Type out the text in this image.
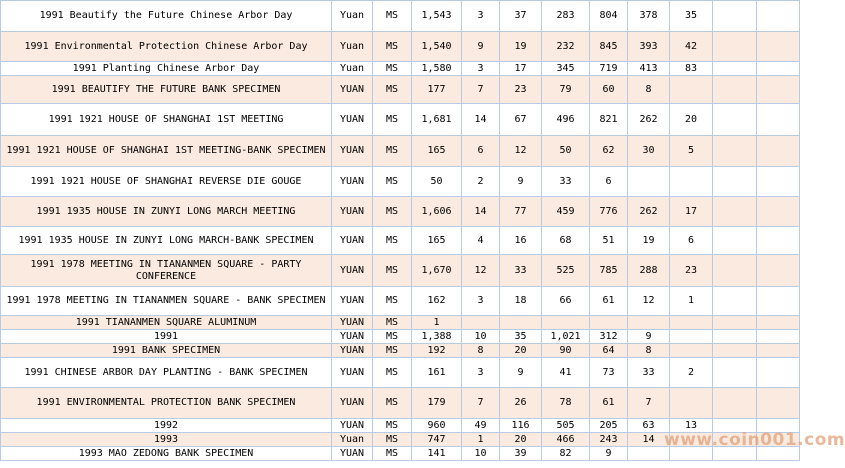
1991 Beautify the Future Chinese Arbor Day	Yuan	MS	1,543	3	37	283	804	378	35		
1991 Environmental Protection Chinese Arbor Day	Yuan	MS	1,540	9	19	232	845	393	42		
1991 Planting Chinese Arbor Day	Yuan	MS	1,580	3	17	345	719	413	83		
1991 BEAUTIFY THE FUTURE BANK SPECIMEN	YUAN	MS	177	7	23	79	60	8			
1991 1921 HOUSE OF SHANGHAI 1ST MEETING	YUAN	MS	1,681	14	67	496	821	262	20		
1991 1921 HOUSE OF SHANGHAI 1ST MEETING-BANK SPECIMEN	YUAN	MS	165	6	12	50	62	30	5		
1991 1921 HOUSE OF SHANGHAI REVERSE DIE GOUGE	YUAN	MS	50	2	9	33	6				
1991 1935 HOUSE IN ZUNYI LONG MARCH MEETING	YUAN	MS	1,606	14	77	459	776	262	17		
1991 1935 HOUSE IN ZUNYI LONG MARCH-BANK SPECIMEN	YUAN	MS	165	4	16	68	51	19	6		
1991 1978 MEETING IN TIANANMEN SQUARE - PARTY CONFERENCE	YUAN	MS	1,670	12	33	525	785	288	23		
1991 1978 MEETING IN TIANANMEN SQUARE - BANK SPECIMEN	YUAN	MS	162	3	18	66	61	12	1		
1991 TIANANMEN SQUARE ALUMINUM	YUAN	MS	1								
1991	YUAN	MS	1,388	10	35	1,021	312	9			
1991 BANK SPECIMEN	YUAN	MS	192	8	20	90	64	8			
1991 CHINESE ARBOR DAY PLANTING - BANK SPECIMEN	YUAN	MS	161	3	9	41	73	33	2		
1991 ENVIRONMENTAL PROTECTION BANK SPECIMEN	YUAN	MS	179	7	26	78	61	7			
1992	YUAN	MS	960	49	116	505	205	63	13		
1993	Yuan	MS	747	1	20	466	243	14			
1993 MAO ZEDONG BANK SPECIMEN	YUAN	MS	141	10	39	82	9				
www.coin001.com
